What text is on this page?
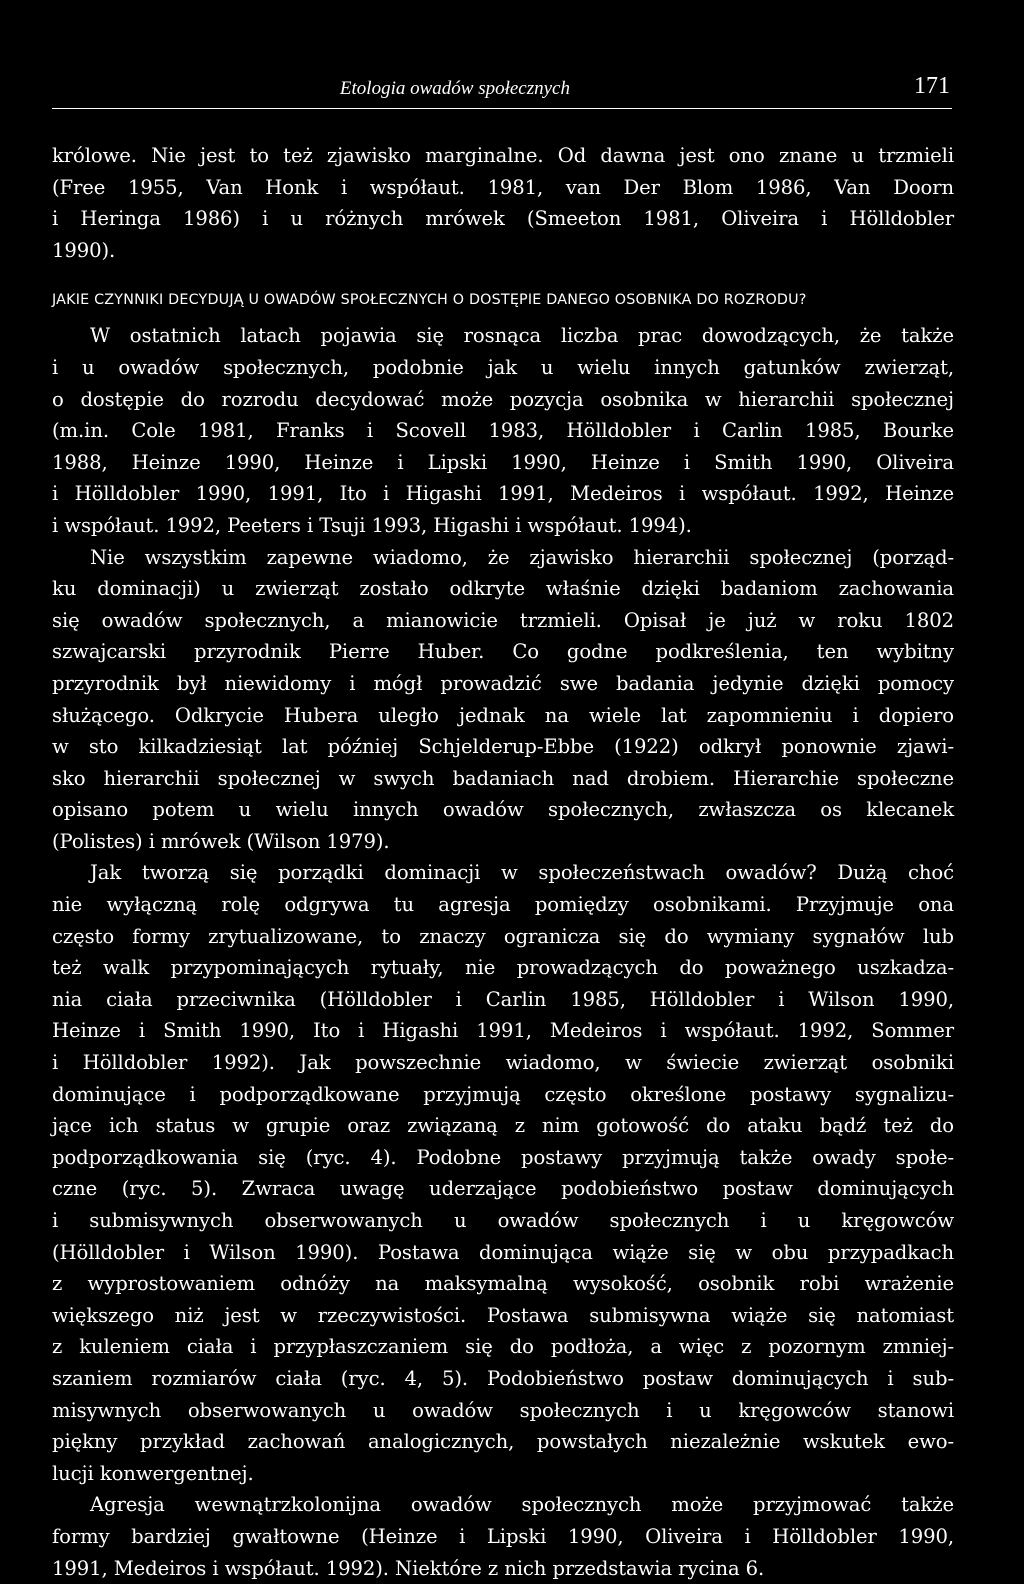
Etologia owadów społecznych	171
królowe. Nie jest to też zjawisko marginalne. Od dawna jest ono znane u trzmieli
(Free 1955, Van Honk i współaut. 1981, van Der Blom 1986, Van Doorn
i Heringa 1986) i u różnych mrówek (Smeeton 1981, Oliveira i Hölldobler
1990).
JAKIE CZYNNIKI DECYDUJĄ U OWADÓW SPOŁECZNYCH O DOSTĘPIE DANEGO OSOBNIKA DO ROZRODU?
W ostatnich latach pojawia się rosnąca liczba prac dowodzących, że także
i u owadów społecznych, podobnie jak u wielu innych gatunków zwierząt,
o dostępie do rozrodu decydować może pozycja osobnika w hierarchii społecznej
(m.in. Cole 1981, Franks i Scovell 1983, Hölldobler i Carlin 1985, Bourke
1988, Heinze 1990, Heinze i Lipski 1990, Heinze i Smith 1990, Oliveira
i Hölldobler 1990, 1991, Ito i Higashi 1991, Medeiros i współaut. 1992, Heinze
i współaut. 1992, Peeters i Tsuji 1993, Higashi i współaut. 1994).
Nie wszystkim zapewne wiadomo, że zjawisko hierarchii społecznej (porząd-
ku dominacji) u zwierząt zostało odkryte właśnie dzięki badaniom zachowania
się owadów społecznych, a mianowicie trzmieli. Opisał je już w roku 1802
szwajcarski przyrodnik Pierre Huber. Co godne podkreślenia, ten wybitny
przyrodnik był niewidomy i mógł prowadzić swe badania jedynie dzięki pomocy
służącego. Odkrycie Hubera uległo jednak na wiele lat zapomnieniu i dopiero
w sto kilkadziesiąt lat później Schjelderup-Ebbe (1922) odkrył ponownie zjawi-
sko hierarchii społecznej w swych badaniach nad drobiem. Hierarchie społeczne
opisano potem u wielu innych owadów społecznych, zwłaszcza os klecanek
(Polistes) i mrówek (Wilson 1979).
Jak tworzą się porządki dominacji w społeczeństwach owadów? Dużą choć
nie wyłączną rolę odgrywa tu agresja pomiędzy osobnikami. Przyjmuje ona
często formy zrytualizowane, to znaczy ogranicza się do wymiany sygnałów lub
też walk przypominających rytuały, nie prowadzących do poważnego uszkadza-
nia ciała przeciwnika (Hölldobler i Carlin 1985, Hölldobler i Wilson 1990,
Heinze i Smith 1990, Ito i Higashi 1991, Medeiros i współaut. 1992, Sommer
i Hölldobler 1992). Jak powszechnie wiadomo, w świecie zwierząt osobniki
dominujące i podporządkowane przyjmują często określone postawy sygnalizu-
jące ich status w grupie oraz związaną z nim gotowość do ataku bądź też do
podporządkowania się (ryc. 4). Podobne postawy przyjmują także owady społe-
czne (ryc. 5). Zwraca uwagę uderzające podobieństwo postaw dominujących
i submisywnych obserwowanych u owadów społecznych i u kręgowców
(Hölldobler i Wilson 1990). Postawa dominująca wiąże się w obu przypadkach
z wyprostowaniem odnóży na maksymalną wysokość, osobnik robi wrażenie
większego niż jest w rzeczywistości. Postawa submisywna wiąże się natomiast
z kuleniem ciała i przypłaszczaniem się do podłoża, a więc z pozornym zmniej-
szaniem rozmiarów ciała (ryc. 4, 5). Podobieństwo postaw dominujących i sub-
misywnych obserwowanych u owadów społecznych i u kręgowców stanowi
piękny przykład zachowań analogicznych, powstałych niezależnie wskutek ewo-
lucji konwergentnej.
Agresja wewnątrzkolonijna owadów społecznych może przyjmować także
formy bardziej gwałtowne (Heinze i Lipski 1990, Oliveira i Hölldobler 1990,
1991, Medeiros i współaut. 1992). Niektóre z nich przedstawia rycina 6.
